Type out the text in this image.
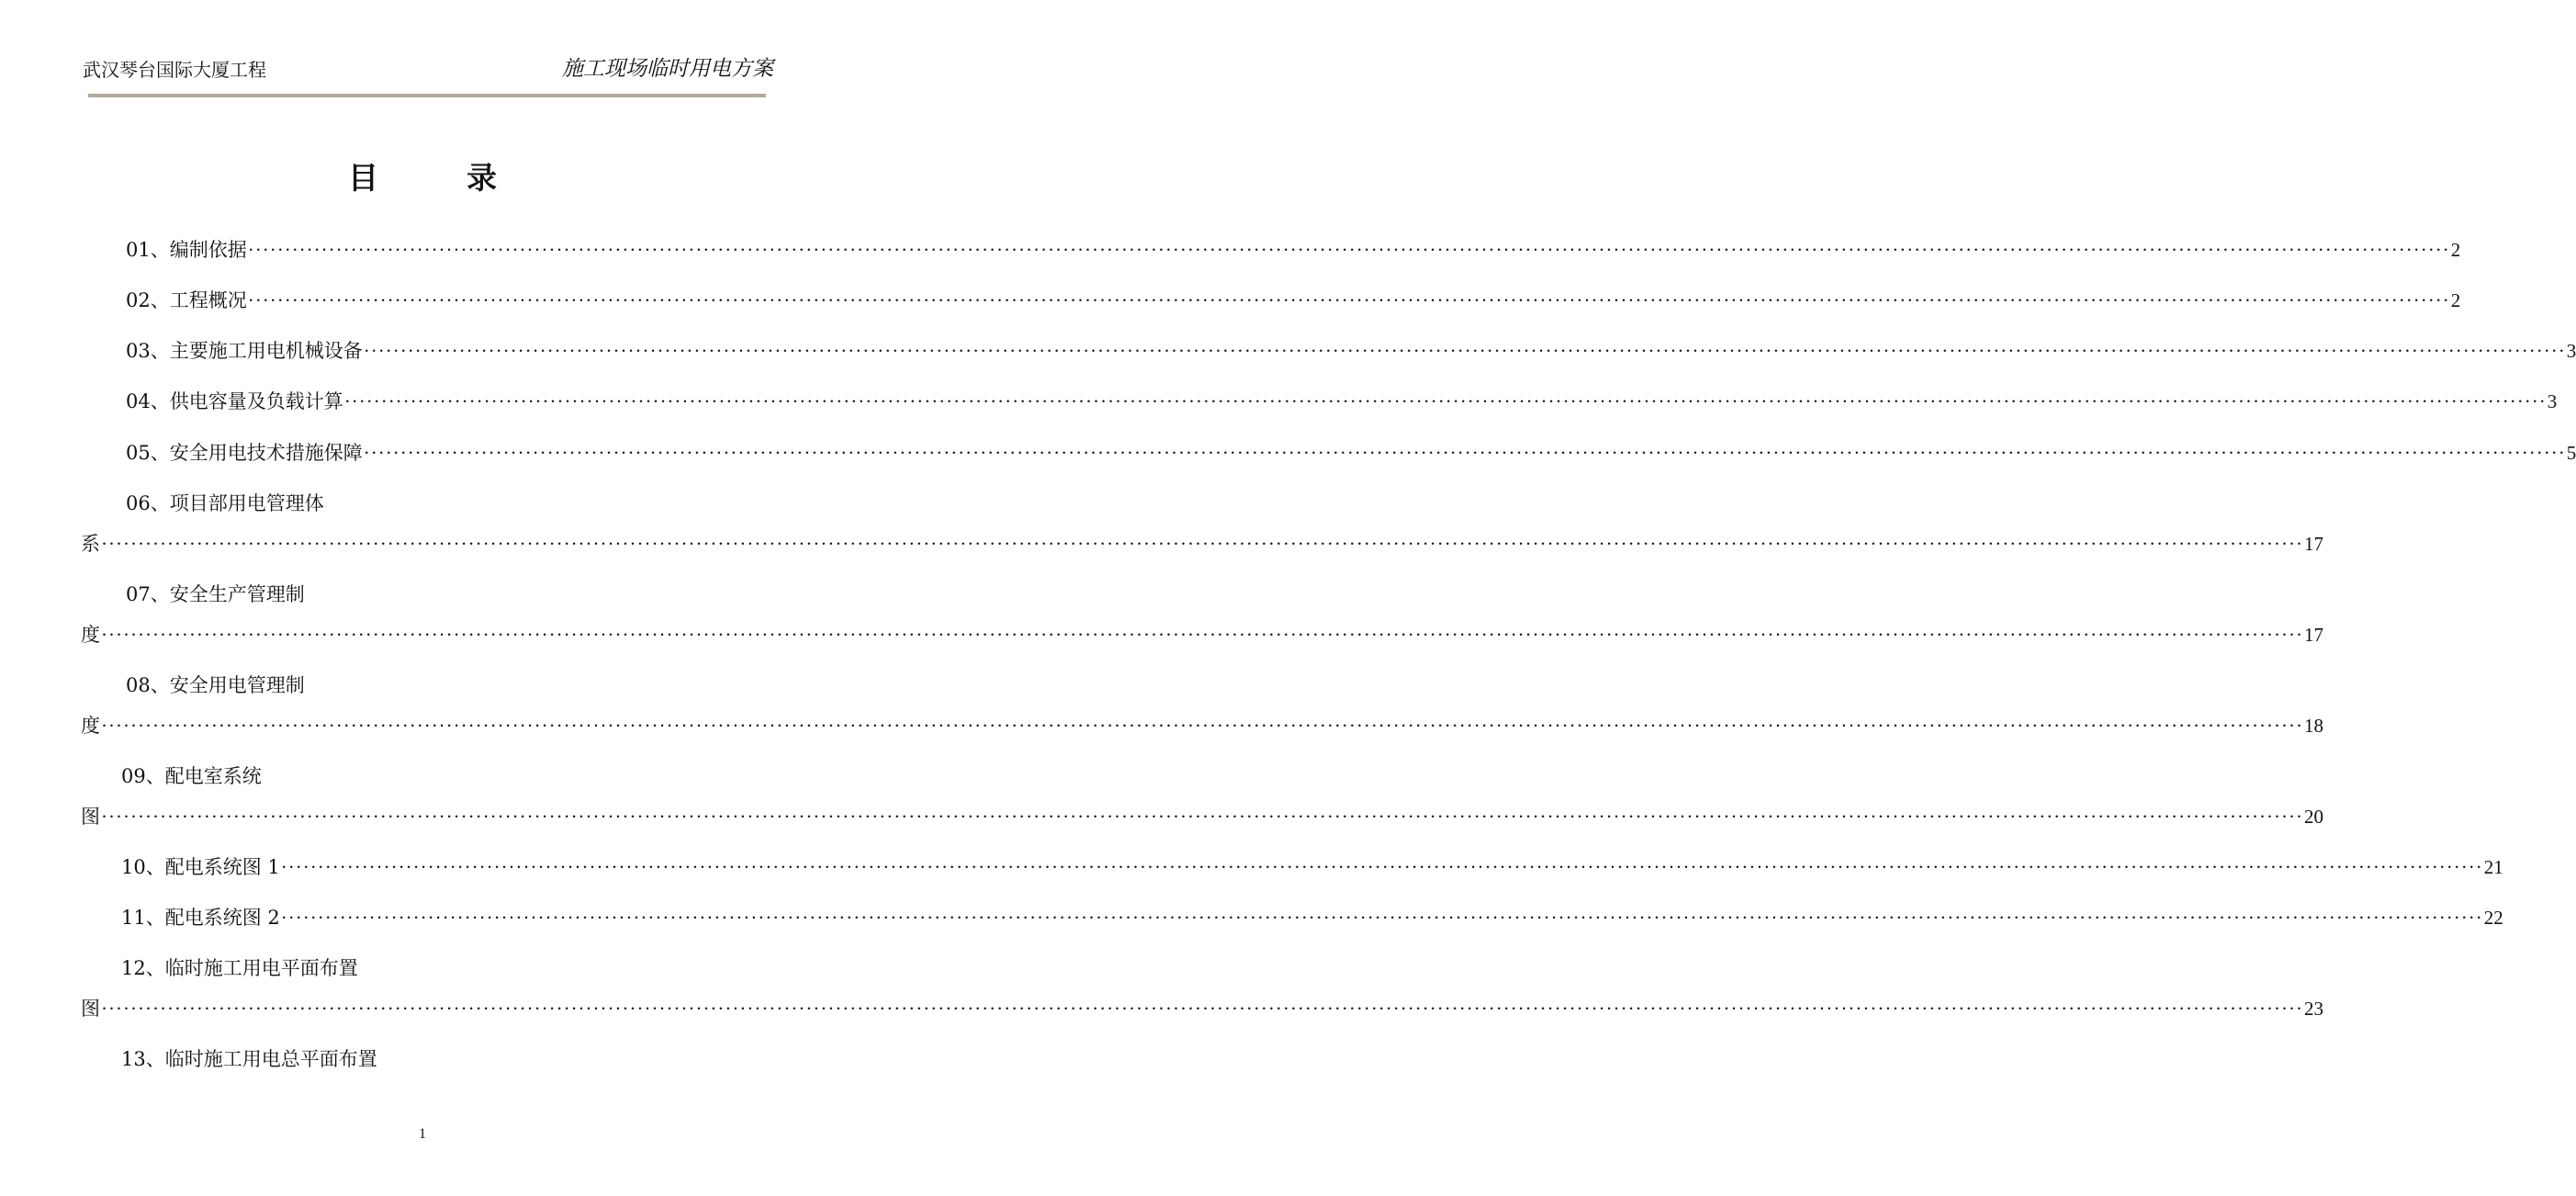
武汉琴台国际大厦工程	施工现场临时用电方案
目	录
01、编制依据 ············································································································································································································································································································ 2
02、工程概况 ············································································································································································································································································································ 2
03、主要施工用电机械设备 ············································································································································································································································································································ 3
04、供电容量及负载计算 ············································································································································································································································································································ 3
05、安全用电技术措施保障 ············································································································································································································································································································ 5
06、项目部用电管理体
系 ············································································································································································································································································································ 17
07、安全生产管理制
度 ············································································································································································································································································································ 17
08、安全用电管理制
度 ············································································································································································································································································································ 18
09、配电室系统
图 ············································································································································································································································································································ 20
10、配电系统图 1 ············································································································································································································································································································ 21
11、配电系统图 2 ············································································································································································································································································································ 22
12、临时施工用电平面布置
图 ············································································································································································································································································································ 23
13、临时施工用电总平面布置
1
